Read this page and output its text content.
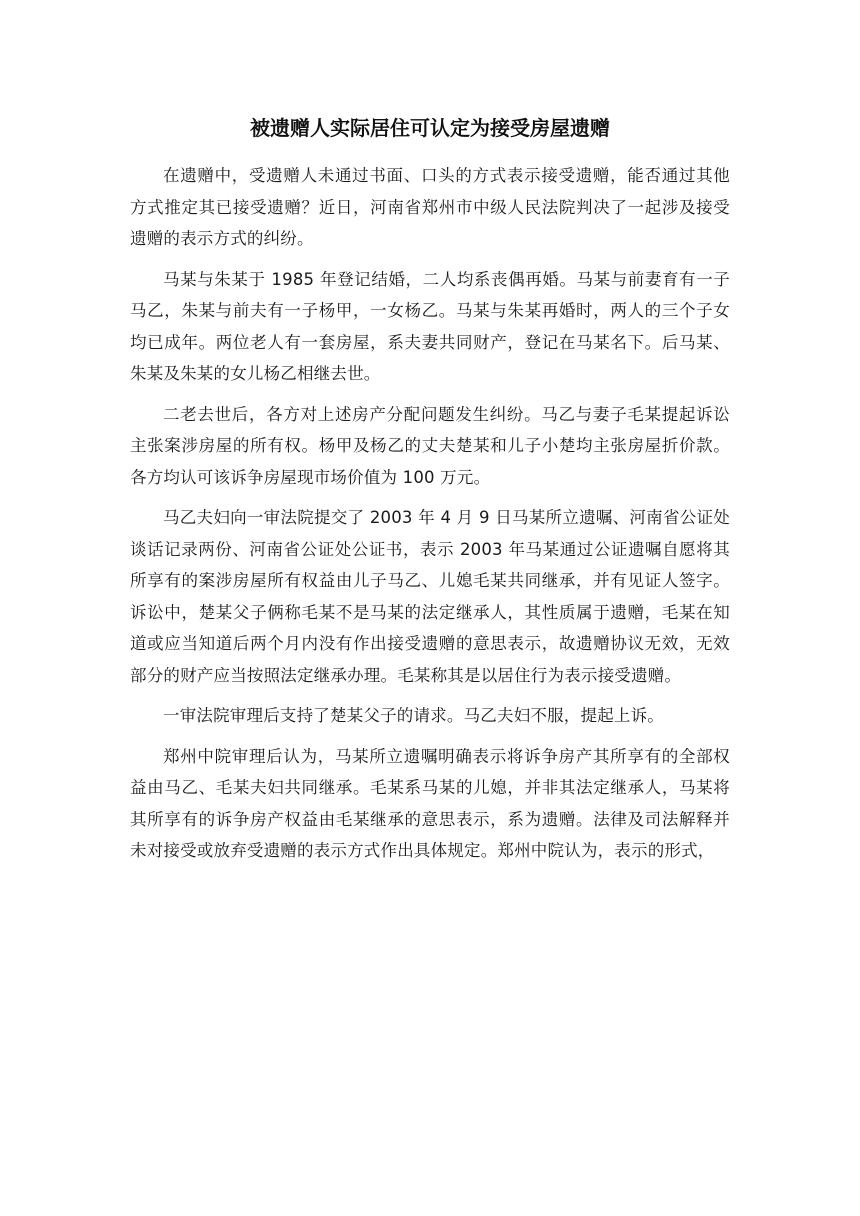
被遗赠人实际居住可认定为接受房屋遗赠

在遗赠中，受遗赠人未通过书面、口头的方式表示接受遗赠，能否通过其他方式推定其已接受遗赠？近日，河南省郑州市中级人民法院判决了一起涉及接受遗赠的表示方式的纠纷。

马某与朱某于 1985 年登记结婚，二人均系丧偶再婚。马某与前妻育有一子马乙，朱某与前夫有一子杨甲，一女杨乙。马某与朱某再婚时，两人的三个子女均已成年。两位老人有一套房屋，系夫妻共同财产，登记在马某名下。后马某、朱某及朱某的女儿杨乙相继去世。

二老去世后，各方对上述房产分配问题发生纠纷。马乙与妻子毛某提起诉讼主张案涉房屋的所有权。杨甲及杨乙的丈夫楚某和儿子小楚均主张房屋折价款。各方均认可该诉争房屋现市场价值为 100 万元。

马乙夫妇向一审法院提交了 2003 年 4 月 9 日马某所立遗嘱、河南省公证处谈话记录两份、河南省公证处公证书，表示 2003 年马某通过公证遗嘱自愿将其所享有的案涉房屋所有权益由儿子马乙、儿媳毛某共同继承，并有见证人签字。诉讼中，楚某父子俩称毛某不是马某的法定继承人，其性质属于遗赠，毛某在知道或应当知道后两个月内没有作出接受遗赠的意思表示，故遗赠协议无效，无效部分的财产应当按照法定继承办理。毛某称其是以居住行为表示接受遗赠。

一审法院审理后支持了楚某父子的请求。马乙夫妇不服，提起上诉。

郑州中院审理后认为，马某所立遗嘱明确表示将诉争房产其所享有的全部权益由马乙、毛某夫妇共同继承。毛某系马某的儿媳，并非其法定继承人，马某将其所享有的诉争房产权益由毛某继承的意思表示，系为遗赠。法律及司法解释并未对接受或放弃受遗赠的表示方式作出具体规定。郑州中院认为，表示的形式，
